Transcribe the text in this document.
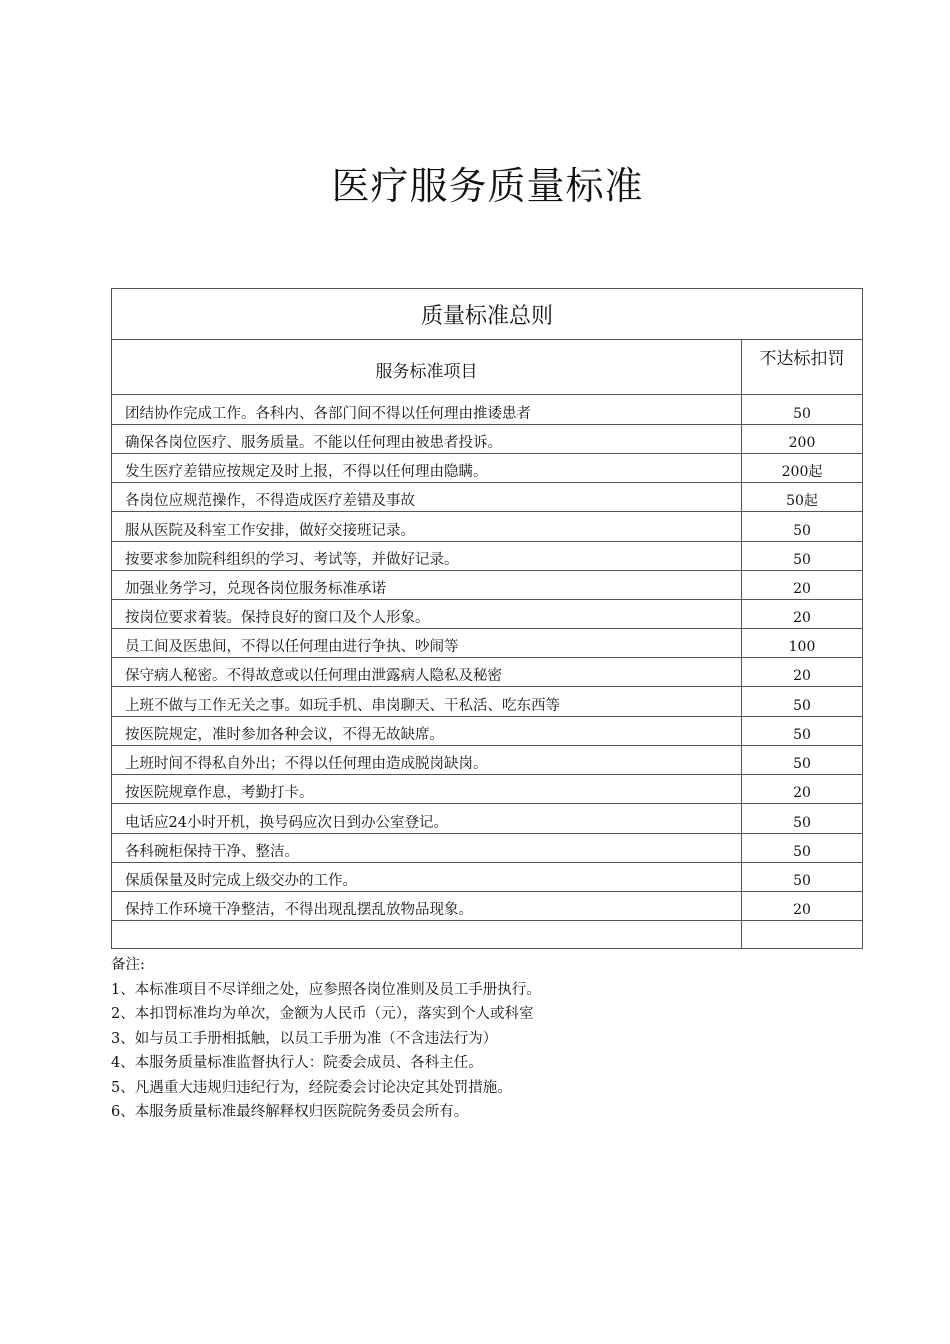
医疗服务质量标准
质量标准总则	
服务标准项目	不达标扣罚
团结协作完成工作。各科内、各部门间不得以任何理由推诿患者	50
确保各岗位医疗、服务质量。不能以任何理由被患者投诉。	200
发生医疗差错应按规定及时上报，不得以任何理由隐瞒。	200起
各岗位应规范操作，不得造成医疗差错及事故	50起
服从医院及科室工作安排，做好交接班记录。	50
按要求参加院科组织的学习、考试等，并做好记录。	50
加强业务学习，兑现各岗位服务标准承诺	20
按岗位要求着装。保持良好的窗口及个人形象。	20
员工间及医患间，不得以任何理由进行争执、吵闹等	100
保守病人秘密。不得故意或以任何理由泄露病人隐私及秘密	20
上班不做与工作无关之事。如玩手机、串岗聊天、干私活、吃东西等	50
按医院规定，准时参加各种会议，不得无故缺席。	50
上班时间不得私自外出；不得以任何理由造成脱岗缺岗。	50
按医院规章作息，考勤打卡。	20
电话应24小时开机，换号码应次日到办公室登记。	50
各科碗柜保持干净、整洁。	50
保质保量及时完成上级交办的工作。	50
保持工作环境干净整洁，不得出现乱摆乱放物品现象。	20

备注:
1、本标准项目不尽详细之处，应参照各岗位准则及员工手册执行。
2、本扣罚标准均为单次，金额为人民币（元），落实到个人或科室
3、如与员工手册相抵触，以员工手册为准（不含违法行为）
4、本服务质量标准监督执行人：院委会成员、各科主任。
5、凡遇重大违规归违纪行为，经院委会讨论决定其处罚措施。
6、本服务质量标准最终解释权归医院院务委员会所有。
